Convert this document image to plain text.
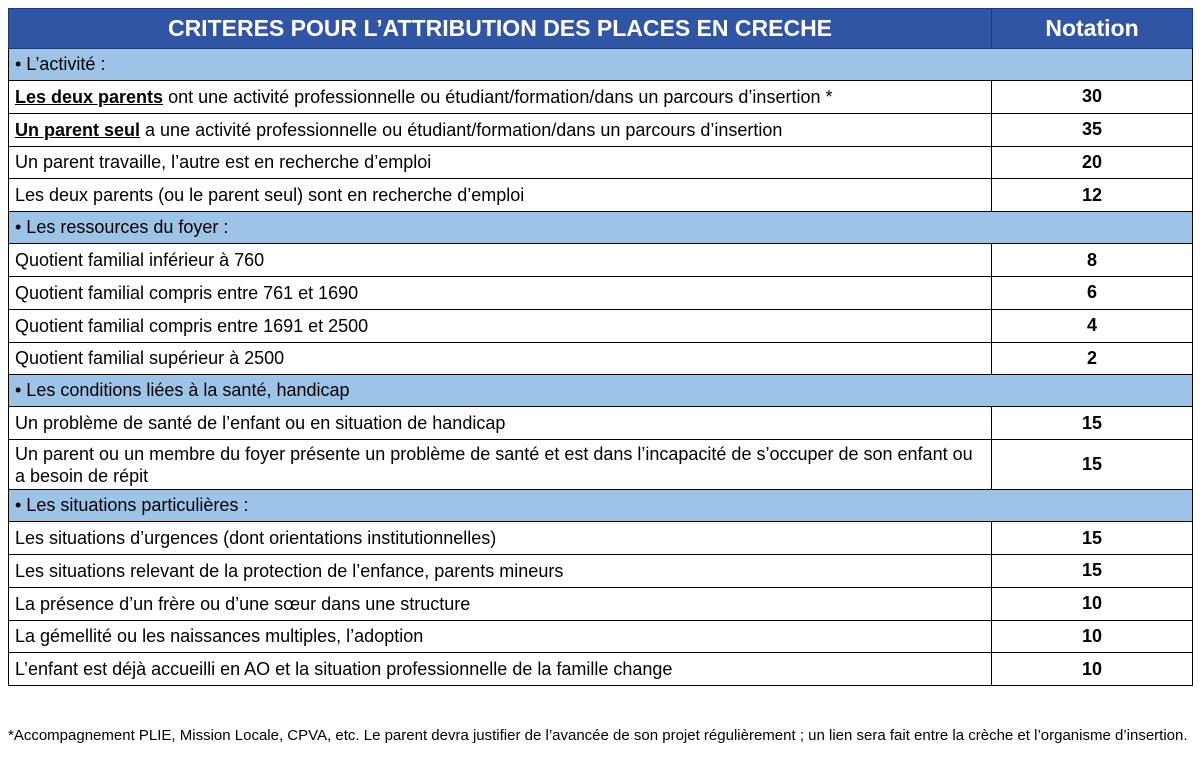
CRITERES POUR L’ATTRIBUTION DES PLACES EN CRECHE	Notation
• L’activité :	
Les deux parents ont une activité professionnelle ou étudiant/formation/dans un parcours d’insertion *	30
Un parent seul a une activité professionnelle ou étudiant/formation/dans un parcours d’insertion	35
Un parent travaille, l’autre est en recherche d’emploi	20
Les deux parents (ou le parent seul) sont en recherche d’emploi	12
• Les ressources du foyer :	
Quotient familial inférieur à 760	8
Quotient familial compris entre 761 et 1690	6
Quotient familial compris entre 1691 et 2500	4
Quotient familial supérieur à 2500	2
• Les conditions liées à la santé, handicap	
Un problème de santé de l’enfant ou en situation de handicap	15
Un parent ou un membre du foyer présente un problème de santé et est dans l’incapacité de s’occuper de son enfant ou a besoin de répit	15
• Les situations particulières :	
Les situations d’urgences (dont orientations institutionnelles)	15
Les situations relevant de la protection de l’enfance, parents mineurs	15
La présence d’un frère ou d’une sœur dans une structure	10
La gémellité ou les naissances multiples, l’adoption	10
L’enfant est déjà accueilli en AO et la situation professionnelle de la famille change	10
*Accompagnement PLIE, Mission Locale, CPVA, etc. Le parent devra justifier de l’avancée de son projet régulièrement ; un lien sera fait entre la crèche et l’organisme d’insertion.
